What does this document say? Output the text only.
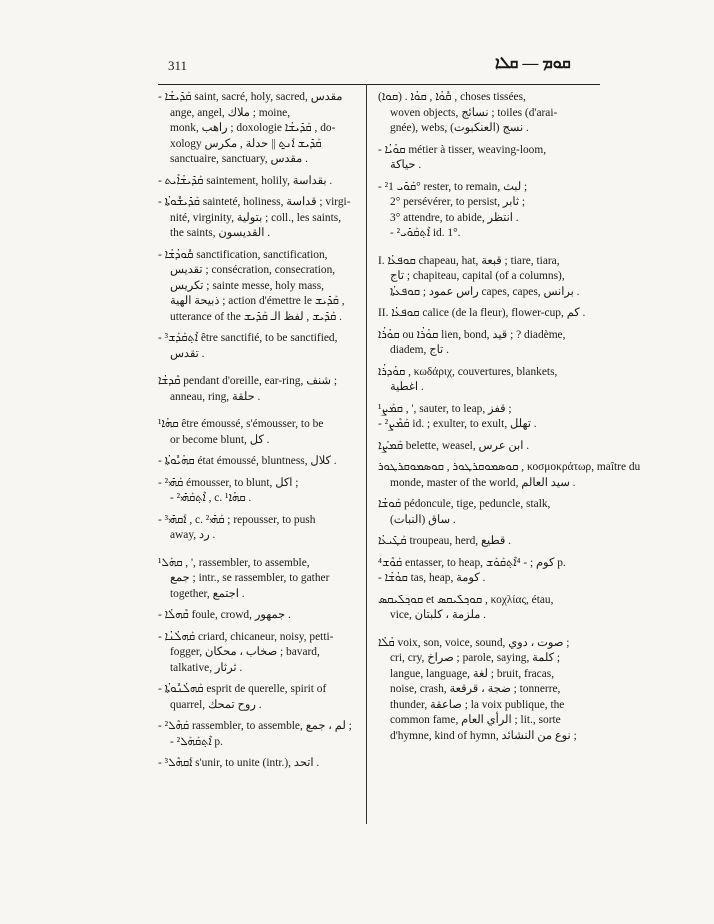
311	ܩܘܡ — ܩܠܐ
- ܩܰܕܺܝܫܳܐ saint, sacré, holy, sacred, مقدس
ange, angel, ملاك ; moine,
monk, راهب ; doxologie ܩܰܕܺܝܫܳܐ , do-
xology ܩܰܕܺܝܫ ܐܰܢ̱ܬ || حدلة , مكرس
sanctuaire, sanctuary, مقدس .
- ܩܰܕܺܝܫܳܐܺܝܬ saintement, holily, بقداسة .
- ܩܰܕܺܝܫܽܘܬܳܐ sainteté, holiness, قداسة ; virgi-
nité, virginity, بتولية ; coll., les saints,
the saints, القديسون .
- ܩܽܘܕܳܫܳܐ sanctification, sanctification,
تقديس ; consécration, consecration,
تكريس ; sainte messe, holy mass,
ذبيحة الهية ; action d'émettre le ܩܰܕܺܝܫ ,
utterance of the ܩܰܕܺܝܫ , لفظ الـ ܩܰܕܺܝܫ .
- ³ܐܶܬ݂ܩܰܕܰܫ être sanctifié, to be sanctified,
تقدس .
ܩܶܕܫܳܐ pendant d'oreille, ear-ring, شنف ;
anneau, ring, حلقة .
¹ܩܗܳܐ être émoussé, s'émousser, to be
or become blunt, كل .
- ܩܗܳܝܽܘܬܳܐ état émoussé, bluntness, كلال .
- ²ܩܰܗܺܝ émousser, to blunt, اكل ;
- ²ܐܶܬ݂ܩܰܗܺܝ , c. ¹ܩܗܳܐ .
- ³ܐܰܩܗܺܝ , c. ²ܩܰܗܺܝ ; repousser, to push
away, رد .
¹ܩܗܰܠ , ', rassembler, to assemble,
جمع ; intr., se rassembler, to gather
together, اجتمع .
- ܩܶܗܠܳܐ foule, crowd, جمهور .
- ܩܰܗܠܳܢܳܐ criard, chicaneur, noisy, petti-
fogger, صخاب ، محكان ; bavard,
talkative, ثرثار .
- ܩܰܗܠܳܢܽܘܬܳܐ esprit de querelle, spirit of
quarrel, روح تمحك .
- ²ܩܰܗܶܠ rassembler, to assemble, لم ، جمع ;
- ²ܐܶܬ݂ܩܰܗܰܠ p.
- ³ܐܰܩܗܶܠ s'unir, to unite (intr.), اتحد .
(ܩܘܐ) . ܩܽܘܳܐ , ܩܘܳܐ , choses tissées,
woven objects, نسائج ; toiles (d'arai-
gnée), webs, نسج (العنكبوت) .
- ܩܘܳܝܳܐ métier à tisser, weaving-loom,
حياكة .
- ²ܩܰܘܺܝ 1° rester, to remain, لبث ;
2° persévérer, to persist, ثابر ;
3° attendre, to abide, انتظر .
- ²ܐܶܬ݂ܩܰܘܺܝ id. 1°.
I. ܩܘܦܥܳܐ chapeau, hat, قبعة ; tiare, tiara,
تاج ; chapiteau, capital (of a columns),
راس عمود ; ܩܘܦܥܬܳܐ capes, capes, برانس .
II. ܩܘܦܥܳܐ calice (de la fleur), flower-cup, كم .
ܩܘܳܪܳܐ ou ܩܘܳܪܳܐ lien, bond, قيد ; ? diadème,
diadem, تاج .
ܩܘܳܕܪܳܐ , κωδάριχ, couvertures, blankets,
اغطية .
¹ܩܡܰܨ , ', sauter, to leap, قفز ;
- ²ܩܰܡܶܨ id. ; exulter, to exult, تهلل .
ܩܰܡܨܳܐ belette, weasel, ابن عرس .
ܩܘܣܡܘܩܪܛܘܪ , ܩܘܣܡܘܩܪܛܘܪ , κοσμοκράτωρ, maître du
monde, master of the world, سيد العالم .
ܩܰܘܫܳܐ pédoncule, tige, peduncle, stalk,
ساق (النبات) .
ܩܰܛܺܝܥܳܐ troupeau, herd, قطيع .
⁴ܩܰܘܶܫ entasser, to heap, كوم ; - ⁴ܐܶܬ݂ܩܰܘܰܫ p.
- ܩܘܳܫܳܐ tas, heap, كومة .
ܩܘܟ݂ܠܺܝܩܣ et ܩܘܟ݂ܠܺܝܩܣ , κοχλίας, étau,
vice, ملزمة ، كلبتان .
ܩܳܠܳܐ voix, son, voice, sound, صوت ، دوي ;
cri, cry, صراخ ; parole, saying, كلمة ;
langue, language, لغة ; bruit, fracas,
noise, crash, ضجة ، قرقعة ; tonnerre,
thunder, صاعقة ; la voix publique, the
common fame, الرأي العام ; lit., sorte
d'hymne, kind of hymn, نوع من النشائد ;
